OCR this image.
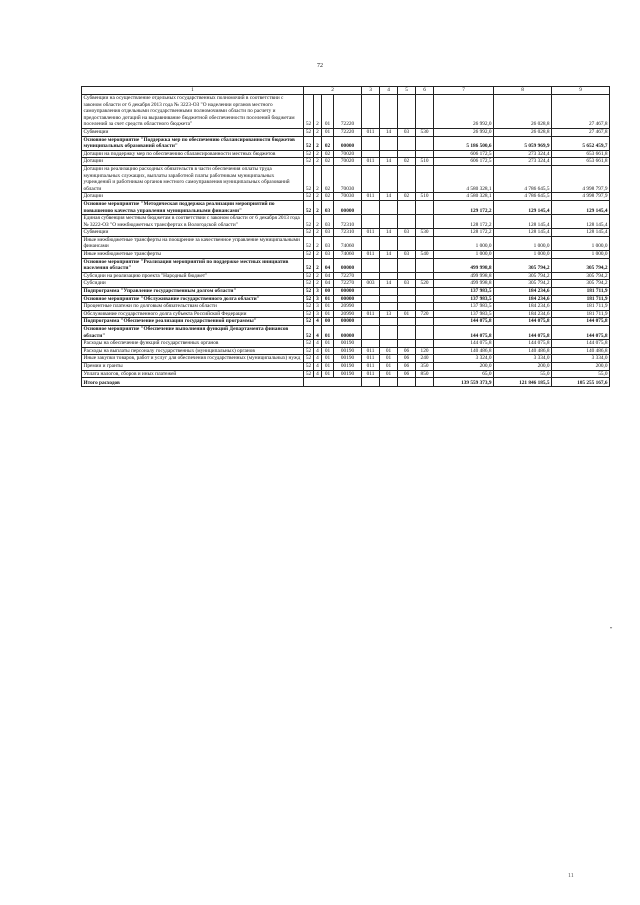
72
1	2				3	4	5	6	7	8	9
Субвенции на осуществление отдельных государственных полномочий в соответствии с законом области от 6 декабря 2013 года № 3223-ОЗ "О наделении органов местного самоуправления отдельными государственными полномочиями области по расчету и предоставлению дотаций на выравнивание бюджетной обеспеченности поселений бюджетам поселений за счет средств областного бюджета"	52	2	01	72220					26 992,0	26 028,8	27 467,8
Субвенции	52	2	01	72220	011	14	03	530	26 992,0	26 028,8	27 467,8
Основное мероприятие "Поддержка мер по обеспечению сбалансированности бюджетов муниципальных образований области"	52	2	02	00000					5 186 500,6	5 059 969,9	5 652 459,7
Дотации на поддержку мер по обеспечению сбалансированности местных бюджетов	52	2	02	70020					606 172,5	273 324,4	653 661,8
Дотации	52	2	02	70020	011	14	02	510	606 172,5	273 324,4	653 661,8
Дотации на реализацию расходных обязательств в части обеспечения оплаты труда муниципальных служащих, выплаты заработной платы работникам муниципальных учреждений и работникам органов местного самоуправления муниципальных образований области	52	2	02	70030					4 580 328,1	4 786 645,5	4 998 797,9
Дотации	52	2	02	70030	011	14	02	510	4 580 328,1	4 786 645,5	4 998 797,9
Основное мероприятие "Методическая поддержка реализации мероприятий по повышению качества управления муниципальными финансами"	52	2	03	00000					129 172,2	129 145,4	129 145,4
Единая субвенция местным бюджетам в соответствии с законом области от 6 декабря 2013 года № 3222-ОЗ "О межбюджетных трансфертах в Вологодской области"	52	2	03	72310					128 172,2	128 145,4	128 145,4
Субвенции	52	2	03	72310	011	14	03	530	128 172,2	128 145,4	128 145,4
Иные межбюджетные трансферты на поощрение за качественное управление муниципальными финансами	52	2	03	74060					1 000,0	1 000,0	1 000,0
Иные межбюджетные трансферты	52	2	03	74060	011	14	03	540	1 000,0	1 000,0	1 000,0
Основное мероприятие "Реализация мероприятий по поддержке местных инициатив населения области"	52	2	04	00000					499 998,8	305 794,2	305 794,2
Субсидии на реализацию проекта "Народный бюджет"	52	2	04	72270					499 998,8	305 794,2	305 794,2
Субсидии	52	2	04	72270	003	14	03	520	499 998,8	305 794,2	305 794,2
Подпрограмма "Управление государственным долгом области"	52	3	00	00000					137 983,5	184 234,6	181 711,9
Основное мероприятие "Обслуживание государственного долга области"	52	3	01	00000					137 983,5	184 234,6	181 711,9
Процентные платежи по долговым обязательствам области	52	3	01	20990					137 983,5	184 234,6	181 711,9
Обслуживание государственного долга субъекта Российской Федерации	52	3	01	20990	011	13	01	720	137 983,5	184 234,6	181 711,9
Подпрограмма "Обеспечение реализации государственной программы"	52	4	00	00000					144 075,8	144 075,8	144 075,8
Основное мероприятие "Обеспечение выполнения функций Департамента финансов области"	52	4	01	00000					144 075,8	144 075,8	144 075,8
Расходы на обеспечение функций государственных органов	52	4	01	00190					144 075,8	144 075,8	144 075,8
Расходы на выплаты персоналу государственных (муниципальных) органов	52	4	01	00190	011	01	06	120	140 486,8	140 486,8	140 486,8
Иные закупки товаров, работ и услуг для обеспечения государственных (муниципальных) нужд	52	4	01	00190	011	01	06	240	3 324,0	3 334,0	3 334,0
Премии и гранты	52	4	01	00190	011	01	06	350	200,0	200,0	200,0
Уплата налогов, сборов и иных платежей	52	4	01	00190	011	01	06	850	65,0	55,0	55,0
Итого расходов									139 559 373,9	121 846 185,5	105 255 167,6
"
11
